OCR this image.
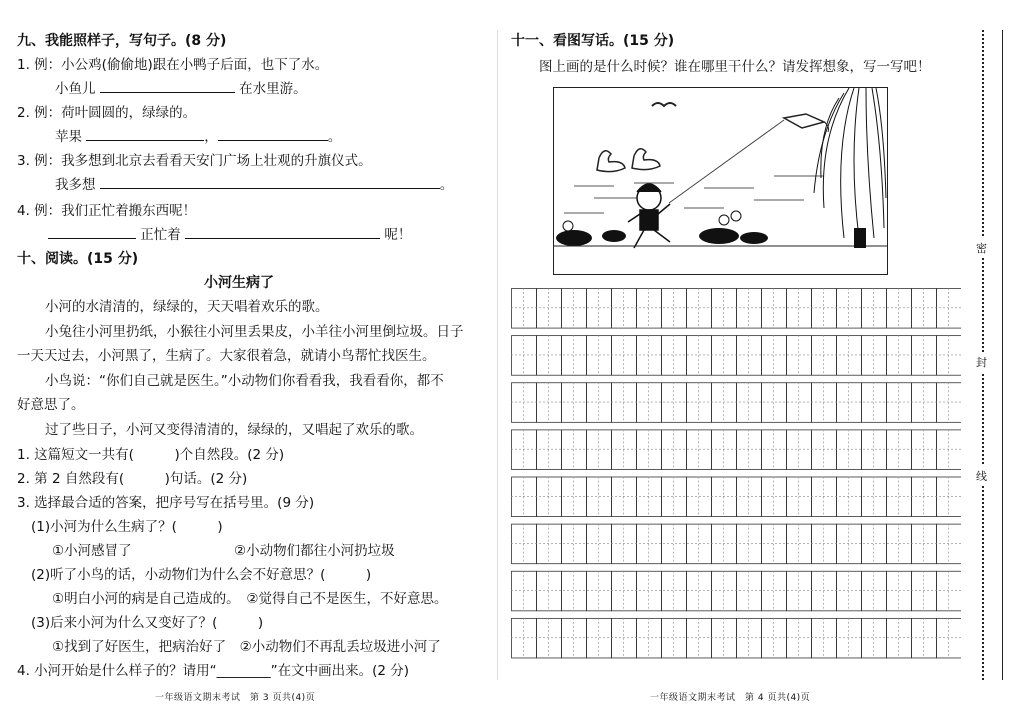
九、我能照样子，写句子。(8 分)
1. 例：小公鸡(偷偷地)跟在小鸭子后面，也下了水。
小鱼儿	在水里游。
2. 例：荷叶圆圆的，绿绿的。
苹果	，	。
3. 例：我多想到北京去看看天安门广场上壮观的升旗仪式。
我多想	。
4. 例：我们正忙着搬东西呢！
正忙着	呢！
十、阅读。(15 分)
小河生病了
小河的水清清的，绿绿的，天天唱着欢乐的歌。
小兔往小河里扔纸，小猴往小河里丢果皮，小羊往小河里倒垃圾。日子
一天天过去，小河黑了，生病了。大家很着急，就请小鸟帮忙找医生。
小鸟说：“你们自己就是医生。”小动物们你看看我，我看看你，都不
好意思了。
过了些日子，小河又变得清清的，绿绿的，又唱起了欢乐的歌。
1. 这篇短文一共有(　　　)个自然段。(2 分)
2. 第 2 自然段有(　　　)句话。(2 分)
3. 选择最合适的答案，把序号写在括号里。(9 分)
(1)小河为什么生病了？(　　　)
①小河感冒了	②小动物们都往小河扔垃圾
(2)听了小鸟的话，小动物们为什么会不好意思？(　　　)
①明白小河的病是自己造成的。　②觉得自己不是医生，不好意思。
(3)后来小河为什么又变好了？(　　　)
①找到了好医生，把病治好了　②小动物们不再乱丢垃圾进小河了
4. 小河开始是什么样子的？请用“________”在文中画出来。(2 分)
一年级语文期末考试　第 3 页共(4)页
十一、看图写话。(15 分)
图上画的是什么时候？谁在哪里干什么？请发挥想象，写一写吧！
一年级语文期末考试　第 4 页共(4)页
密
封
线
